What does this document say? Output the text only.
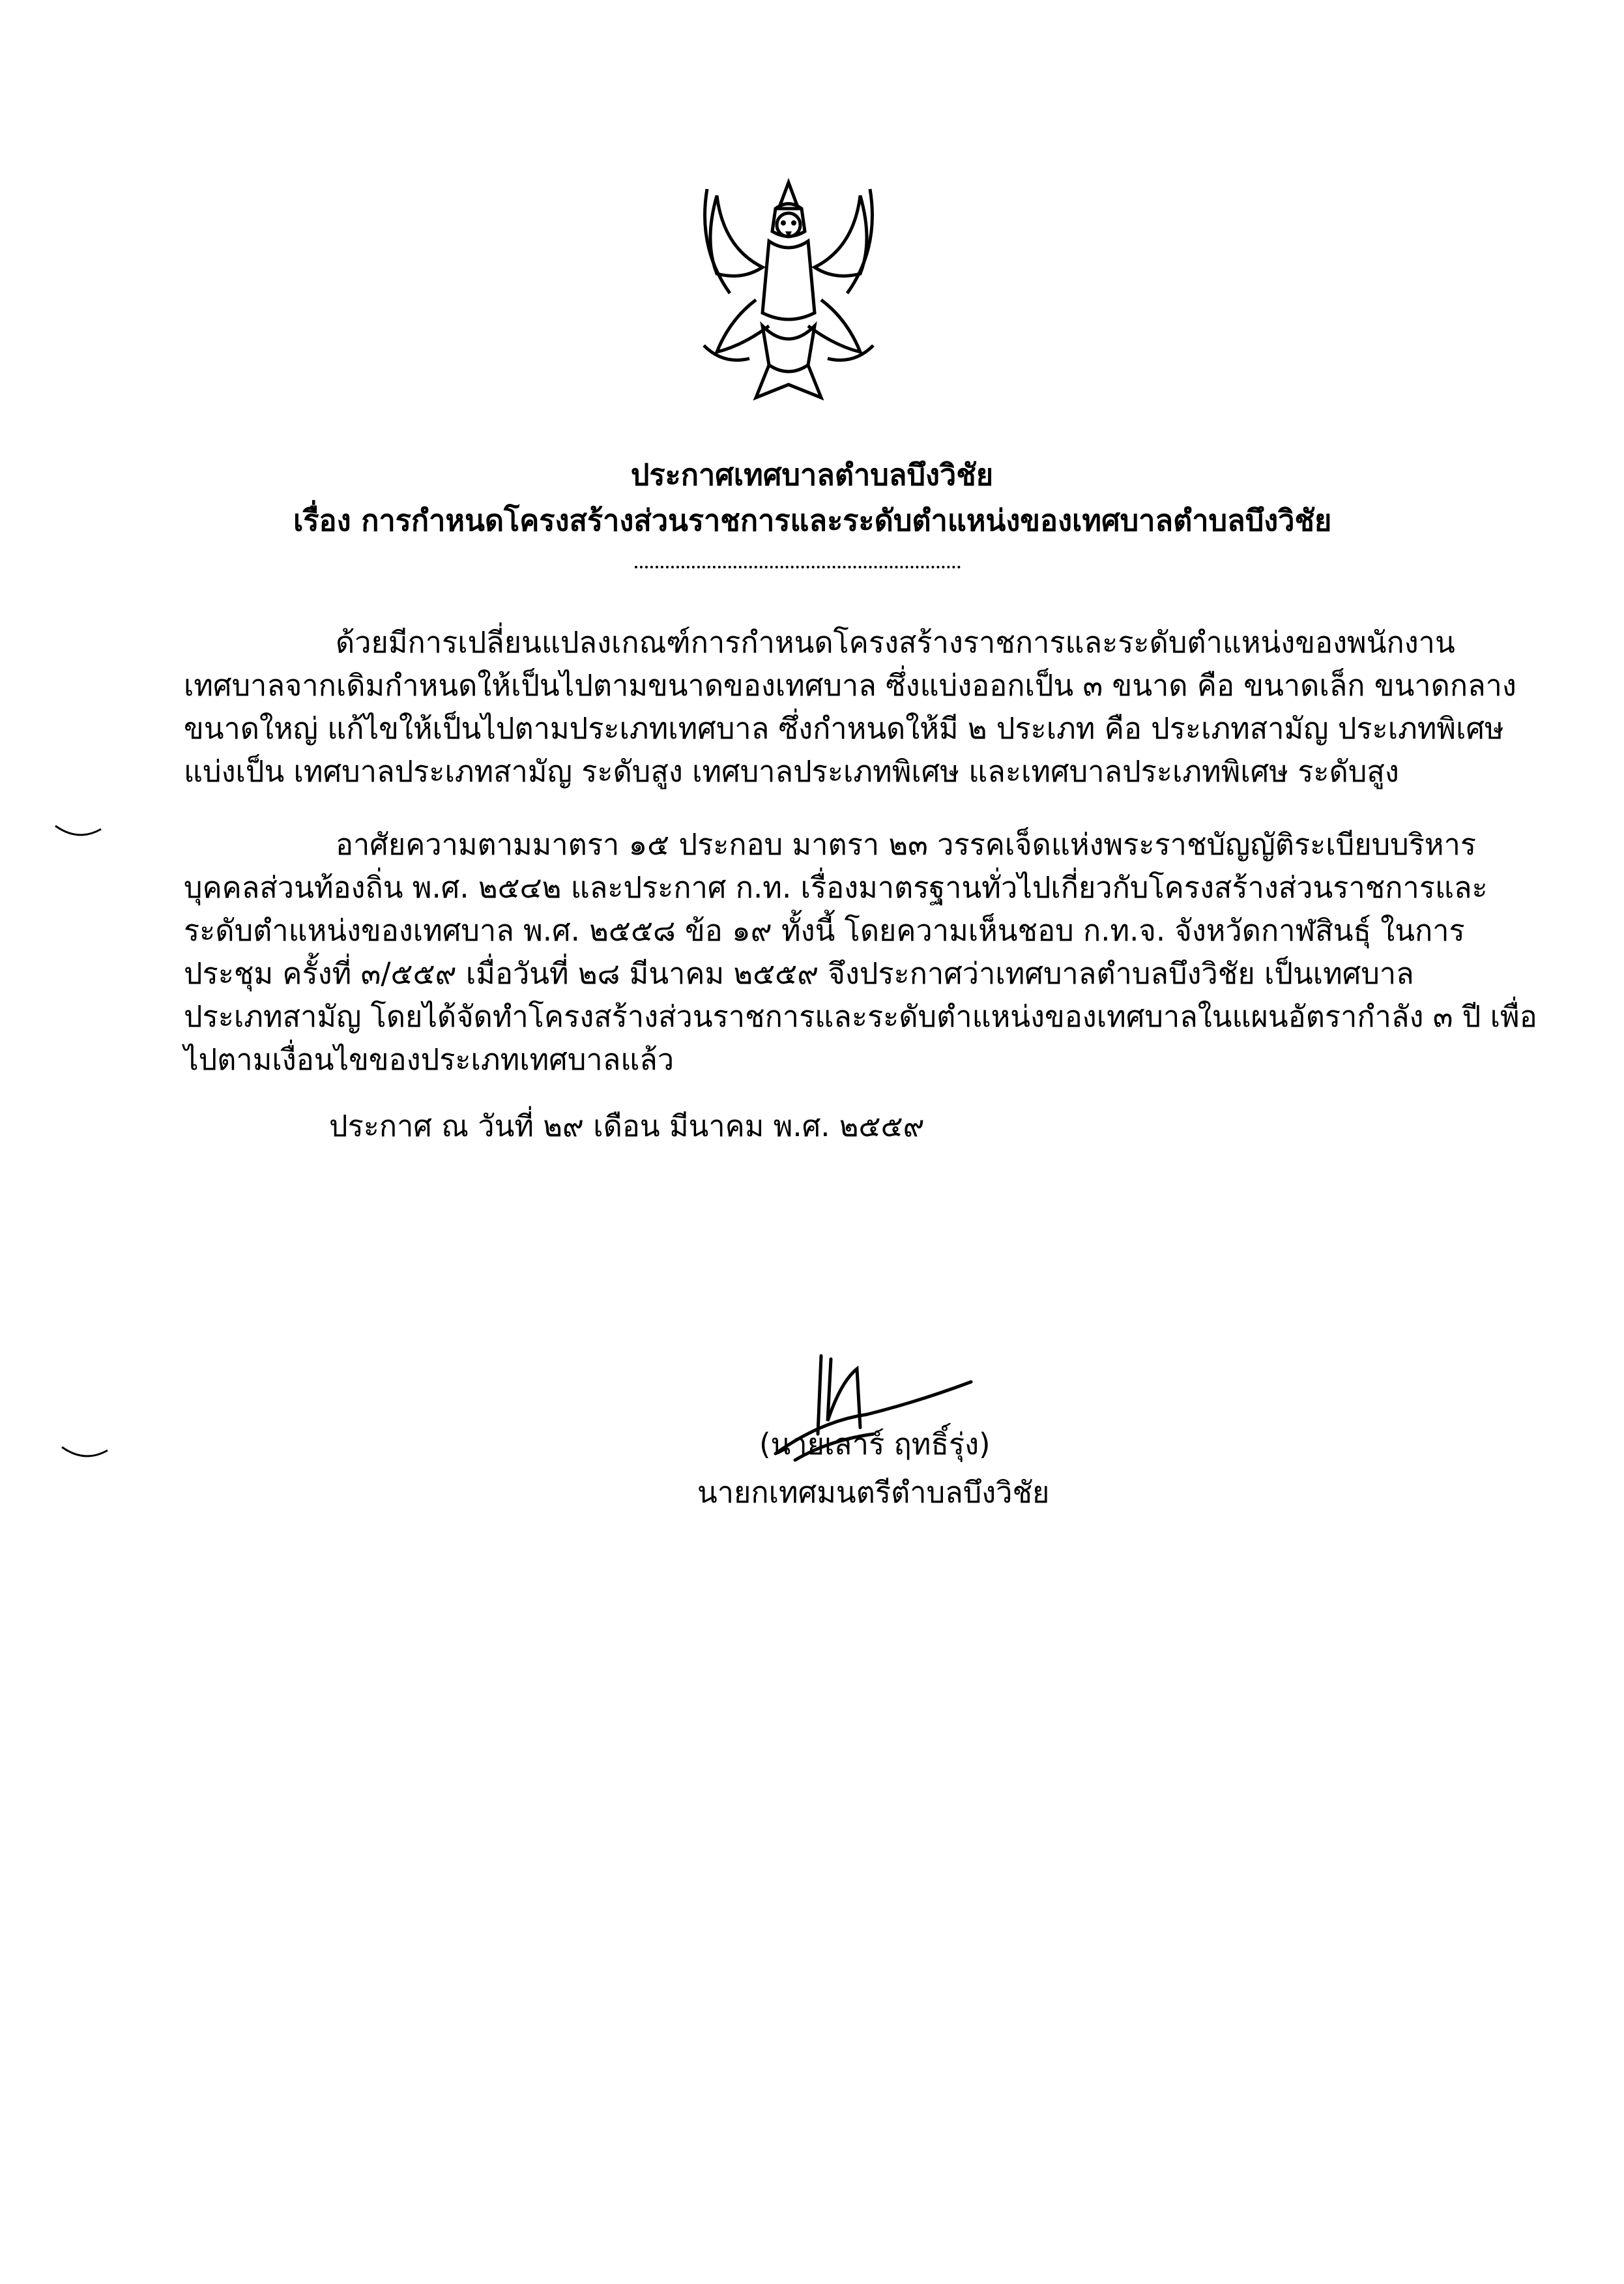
ประกาศเทศบาลตำบลบึงวิชัย
เรื่อง การกำหนดโครงสร้างส่วนราชการและระดับตำแหน่งของเทศบาลตำบลบึงวิชัย
ด้วยมีการเปลี่ยนแปลงเกณฑ์การกำหนดโครงสร้างราชการและระดับตำแหน่งของพนักงาน
เทศบาลจากเดิมกำหนดให้เป็นไปตามขนาดของเทศบาล ซึ่งแบ่งออกเป็น ๓ ขนาด คือ ขนาดเล็ก ขนาดกลาง
ขนาดใหญ่ แก้ไขให้เป็นไปตามประเภทเทศบาล ซึ่งกำหนดให้มี ๒ ประเภท คือ ประเภทสามัญ ประเภทพิเศษ
แบ่งเป็น เทศบาลประเภทสามัญ ระดับสูง เทศบาลประเภทพิเศษ และเทศบาลประเภทพิเศษ ระดับสูง
อาศัยความตามมาตรา ๑๕ ประกอบ มาตรา ๒๓ วรรคเจ็ดแห่งพระราชบัญญัติระเบียบบริหาร
บุคคลส่วนท้องถิ่น พ.ศ. ๒๕๔๒ และประกาศ ก.ท. เรื่องมาตรฐานทั่วไปเกี่ยวกับโครงสร้างส่วนราชการและ
ระดับตำแหน่งของเทศบาล พ.ศ. ๒๕๕๘ ข้อ ๑๙ ทั้งนี้ โดยความเห็นชอบ ก.ท.จ. จังหวัดกาฬสินธุ์ ในการ
ประชุม ครั้งที่ ๓/๕๕๙ เมื่อวันที่ ๒๘ มีนาคม ๒๕๕๙ จึงประกาศว่าเทศบาลตำบลบึงวิชัย เป็นเทศบาล
ประเภทสามัญ โดยได้จัดทำโครงสร้างส่วนราชการและระดับตำแหน่งของเทศบาลในแผนอัตรากำลัง ๓ ปี เพื่อ
ไปตามเงื่อนไขของประเภทเทศบาลแล้ว
ประกาศ ณ วันที่ ๒๙ เดือน มีนาคม พ.ศ. ๒๕๕๙
(นายเสาร์ ฤทธิ์รุ่ง)
นายกเทศมนตรีตำบลบึงวิชัย
